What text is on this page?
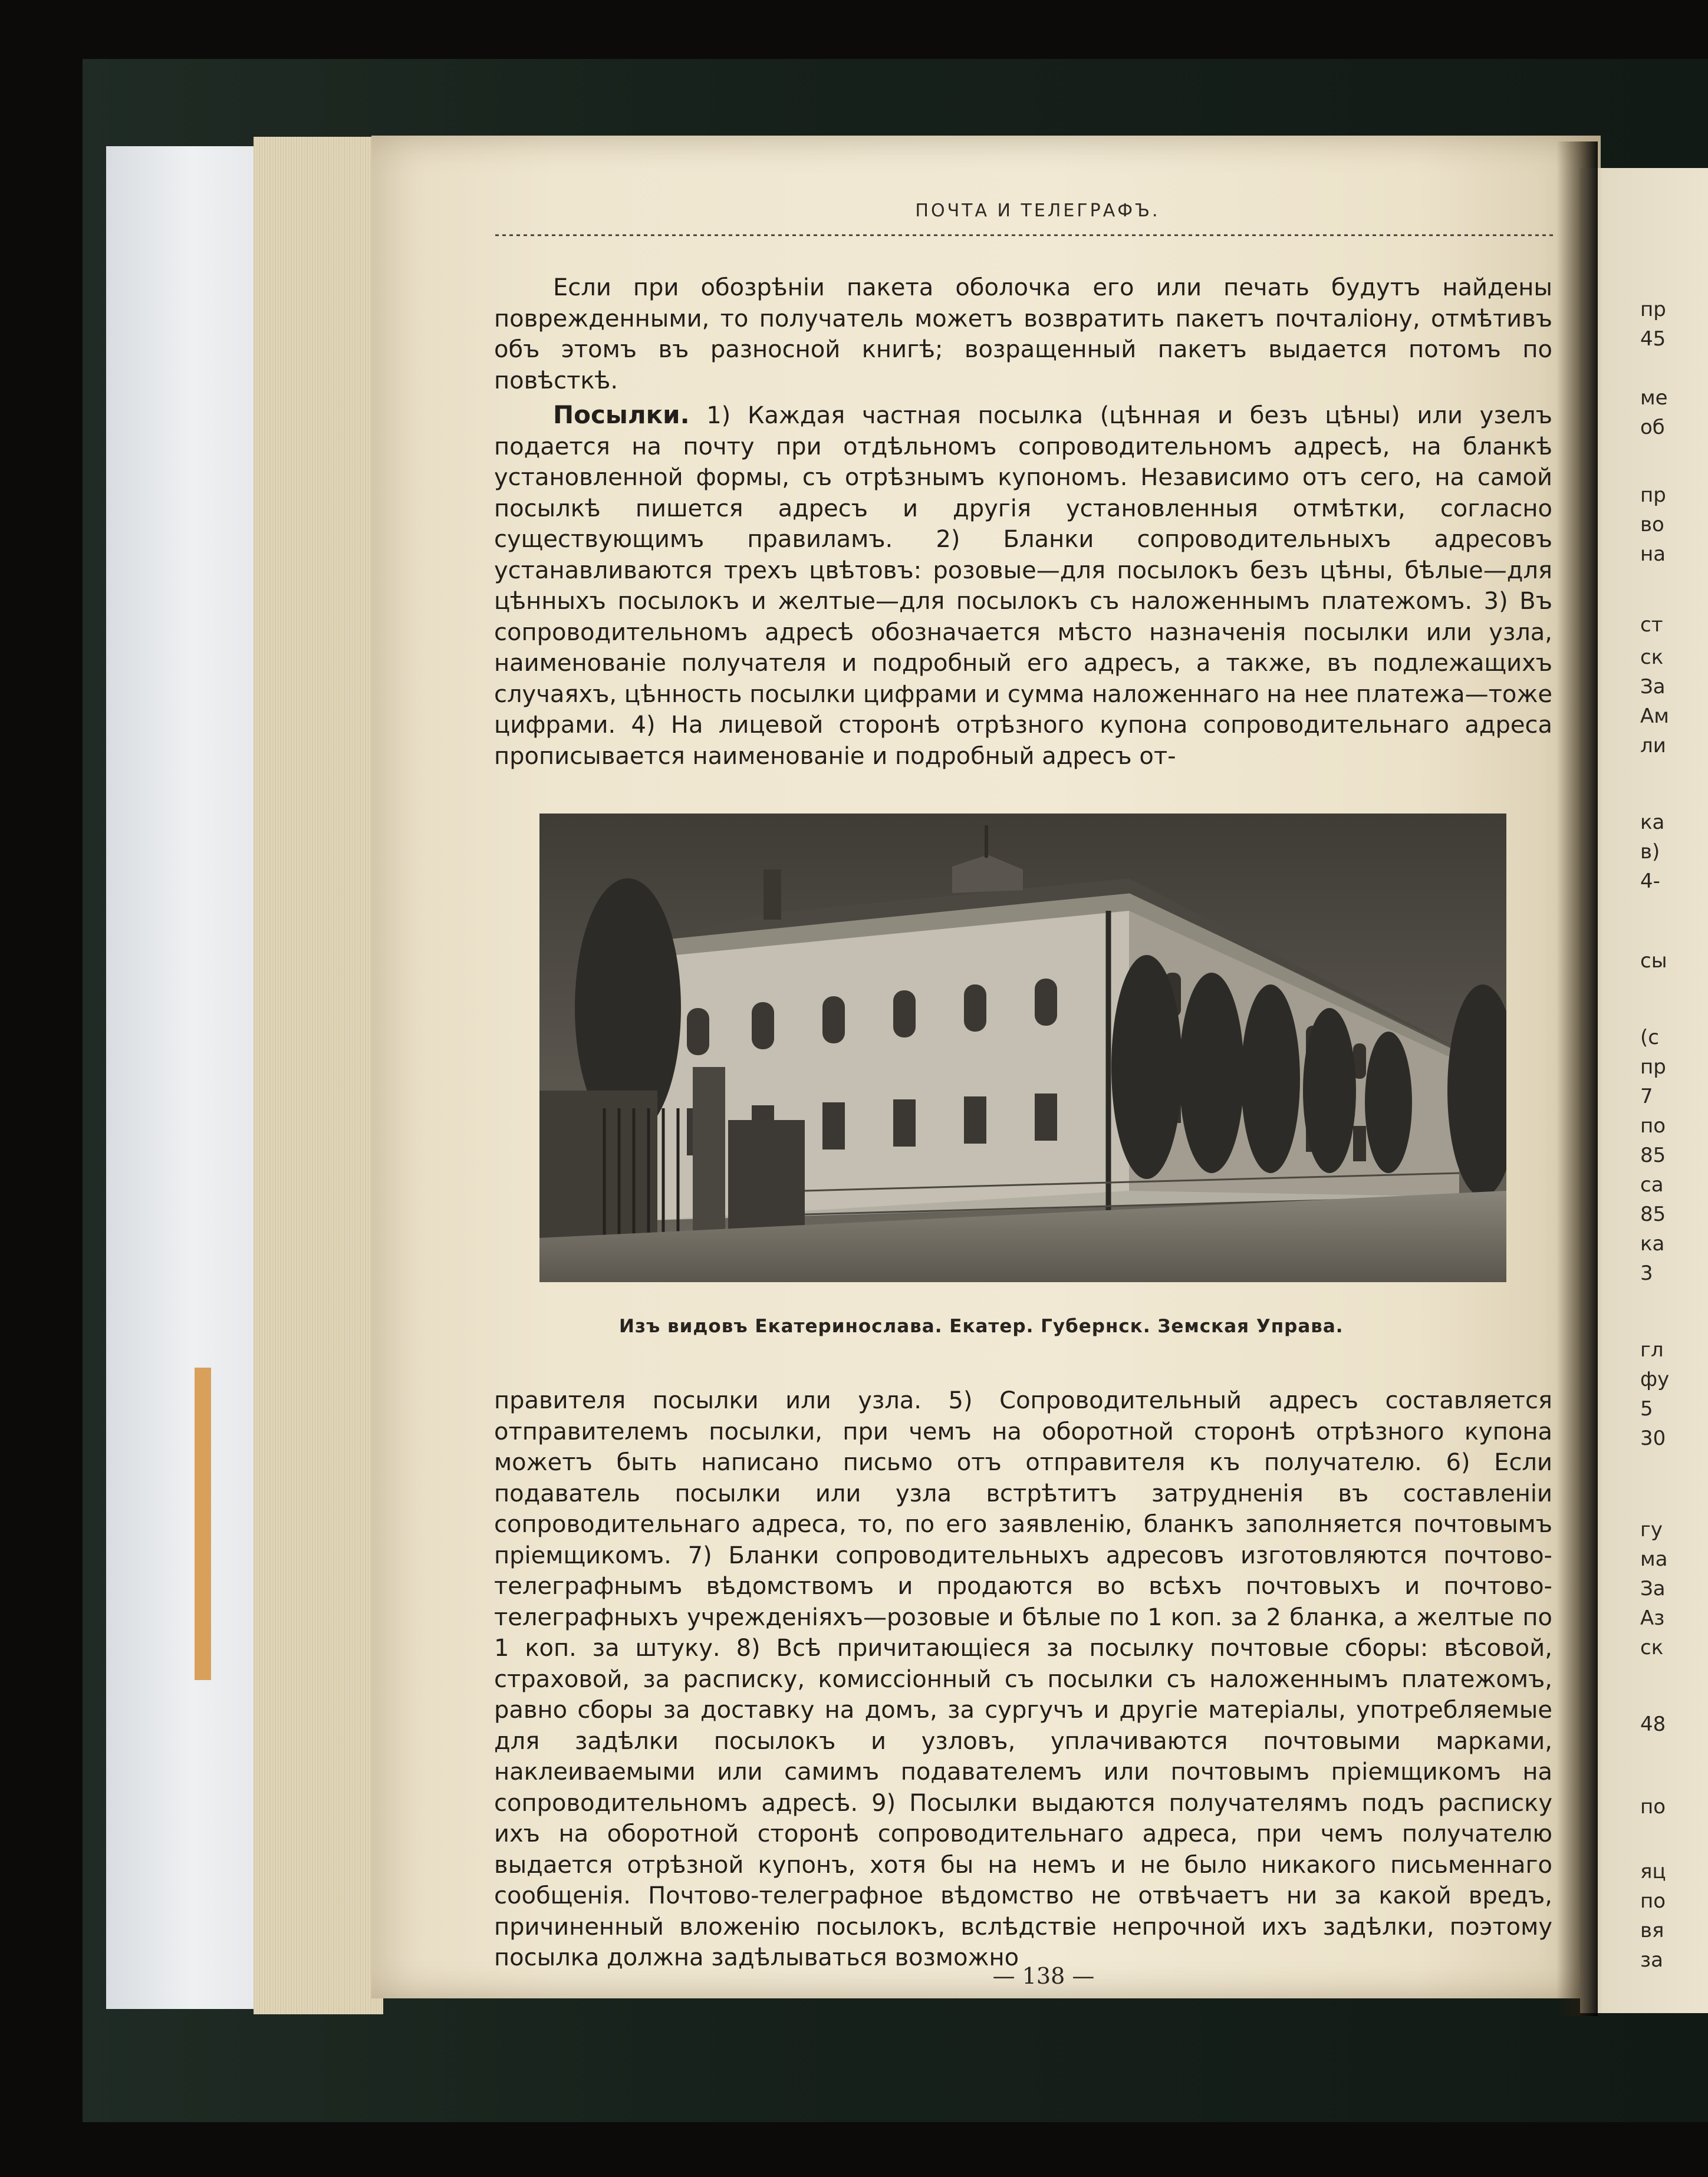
пр
45
ме
об
пр
во
на
ст
ск
За
Ам
ли
ка
в)
4-
сы
(с
пр
7
по
85
са
85
ка
3
гл
фу
5
30
гу
ма
За
Аз
ск
48
по
яц
по
вя
за
ПОЧТА И ТЕЛЕГРАФЪ.

Если при обозрѣніи пакета оболочка его или печать будутъ найдены поврежденными, то получатель можетъ возвратить пакетъ почталіону, отмѣтивъ объ этомъ въ разносной книгѣ; возращенный пакетъ выдается потомъ по повѣсткѣ.

Посылки. 1) Каждая частная посылка (цѣнная и безъ цѣны) или узелъ подается на почту при отдѣльномъ сопроводительномъ адресѣ, на бланкѣ установленной формы, съ отрѣзнымъ купономъ. Независимо отъ сего, на самой посылкѣ пишется адресъ и другія установленныя отмѣтки, согласно существующимъ правиламъ. 2) Бланки сопроводительныхъ адресовъ устанавливаются трехъ цвѣтовъ: розовые—для посылокъ безъ цѣны, бѣлые—для цѣнныхъ посылокъ и желтые—для посылокъ съ наложеннымъ платежомъ. 3) Въ сопроводительномъ адресѣ обозначается мѣсто назначенія посылки или узла, наименованіе получателя и подробный его адресъ, а также, въ подлежащихъ случаяхъ, цѣнность посылки цифрами и сумма наложеннаго на нее платежа—тоже цифрами. 4) На лицевой сторонѣ отрѣзного купона сопроводительнаго адреса прописывается наименованіе и подробный адресъ от-

Изъ видовъ Екатеринослава. Екатер. Губернск. Земская Управа.

правителя посылки или узла. 5) Сопроводительный адресъ составляется отправителемъ посылки, при чемъ на оборотной сторонѣ отрѣзного купона можетъ быть написано письмо отъ отправителя къ получателю. 6) Если подаватель посылки или узла встрѣтитъ затрудненія въ составленіи сопроводительнаго адреса, то, по его заявленію, бланкъ заполняется почтовымъ пріемщикомъ. 7) Бланки сопроводительныхъ адресовъ изготовляются почтово-телеграфнымъ вѣдомствомъ и продаются во всѣхъ почтовыхъ и почтово-телеграфныхъ учрежденіяхъ—розовые и бѣлые по 1 коп. за 2 бланка, а желтые по 1 коп. за штуку. 8) Всѣ причитающіеся за посылку почтовые сборы: вѣсовой, страховой, за расписку, комиссіонный съ посылки съ наложеннымъ платежомъ, равно сборы за доставку на домъ, за сургучъ и другіе матеріалы, употребляемые для задѣлки посылокъ и узловъ, уплачиваются почтовыми марками, наклеиваемыми или самимъ подавателемъ или почтовымъ пріемщикомъ на сопроводительномъ адресѣ. 9) Посылки выдаются получателямъ подъ расписку ихъ на оборотной сторонѣ сопроводительнаго адреса, при чемъ получателю выдается отрѣзной купонъ, хотя бы на немъ и не было никакого письменнаго сообщенія. Почтово-телеграфное вѣдомство не отвѣчаетъ ни за какой вредъ, причиненный вложенію посылокъ, вслѣдствіе непрочной ихъ задѣлки, поэтому посылка должна задѣлываться возможно

— 138 —
